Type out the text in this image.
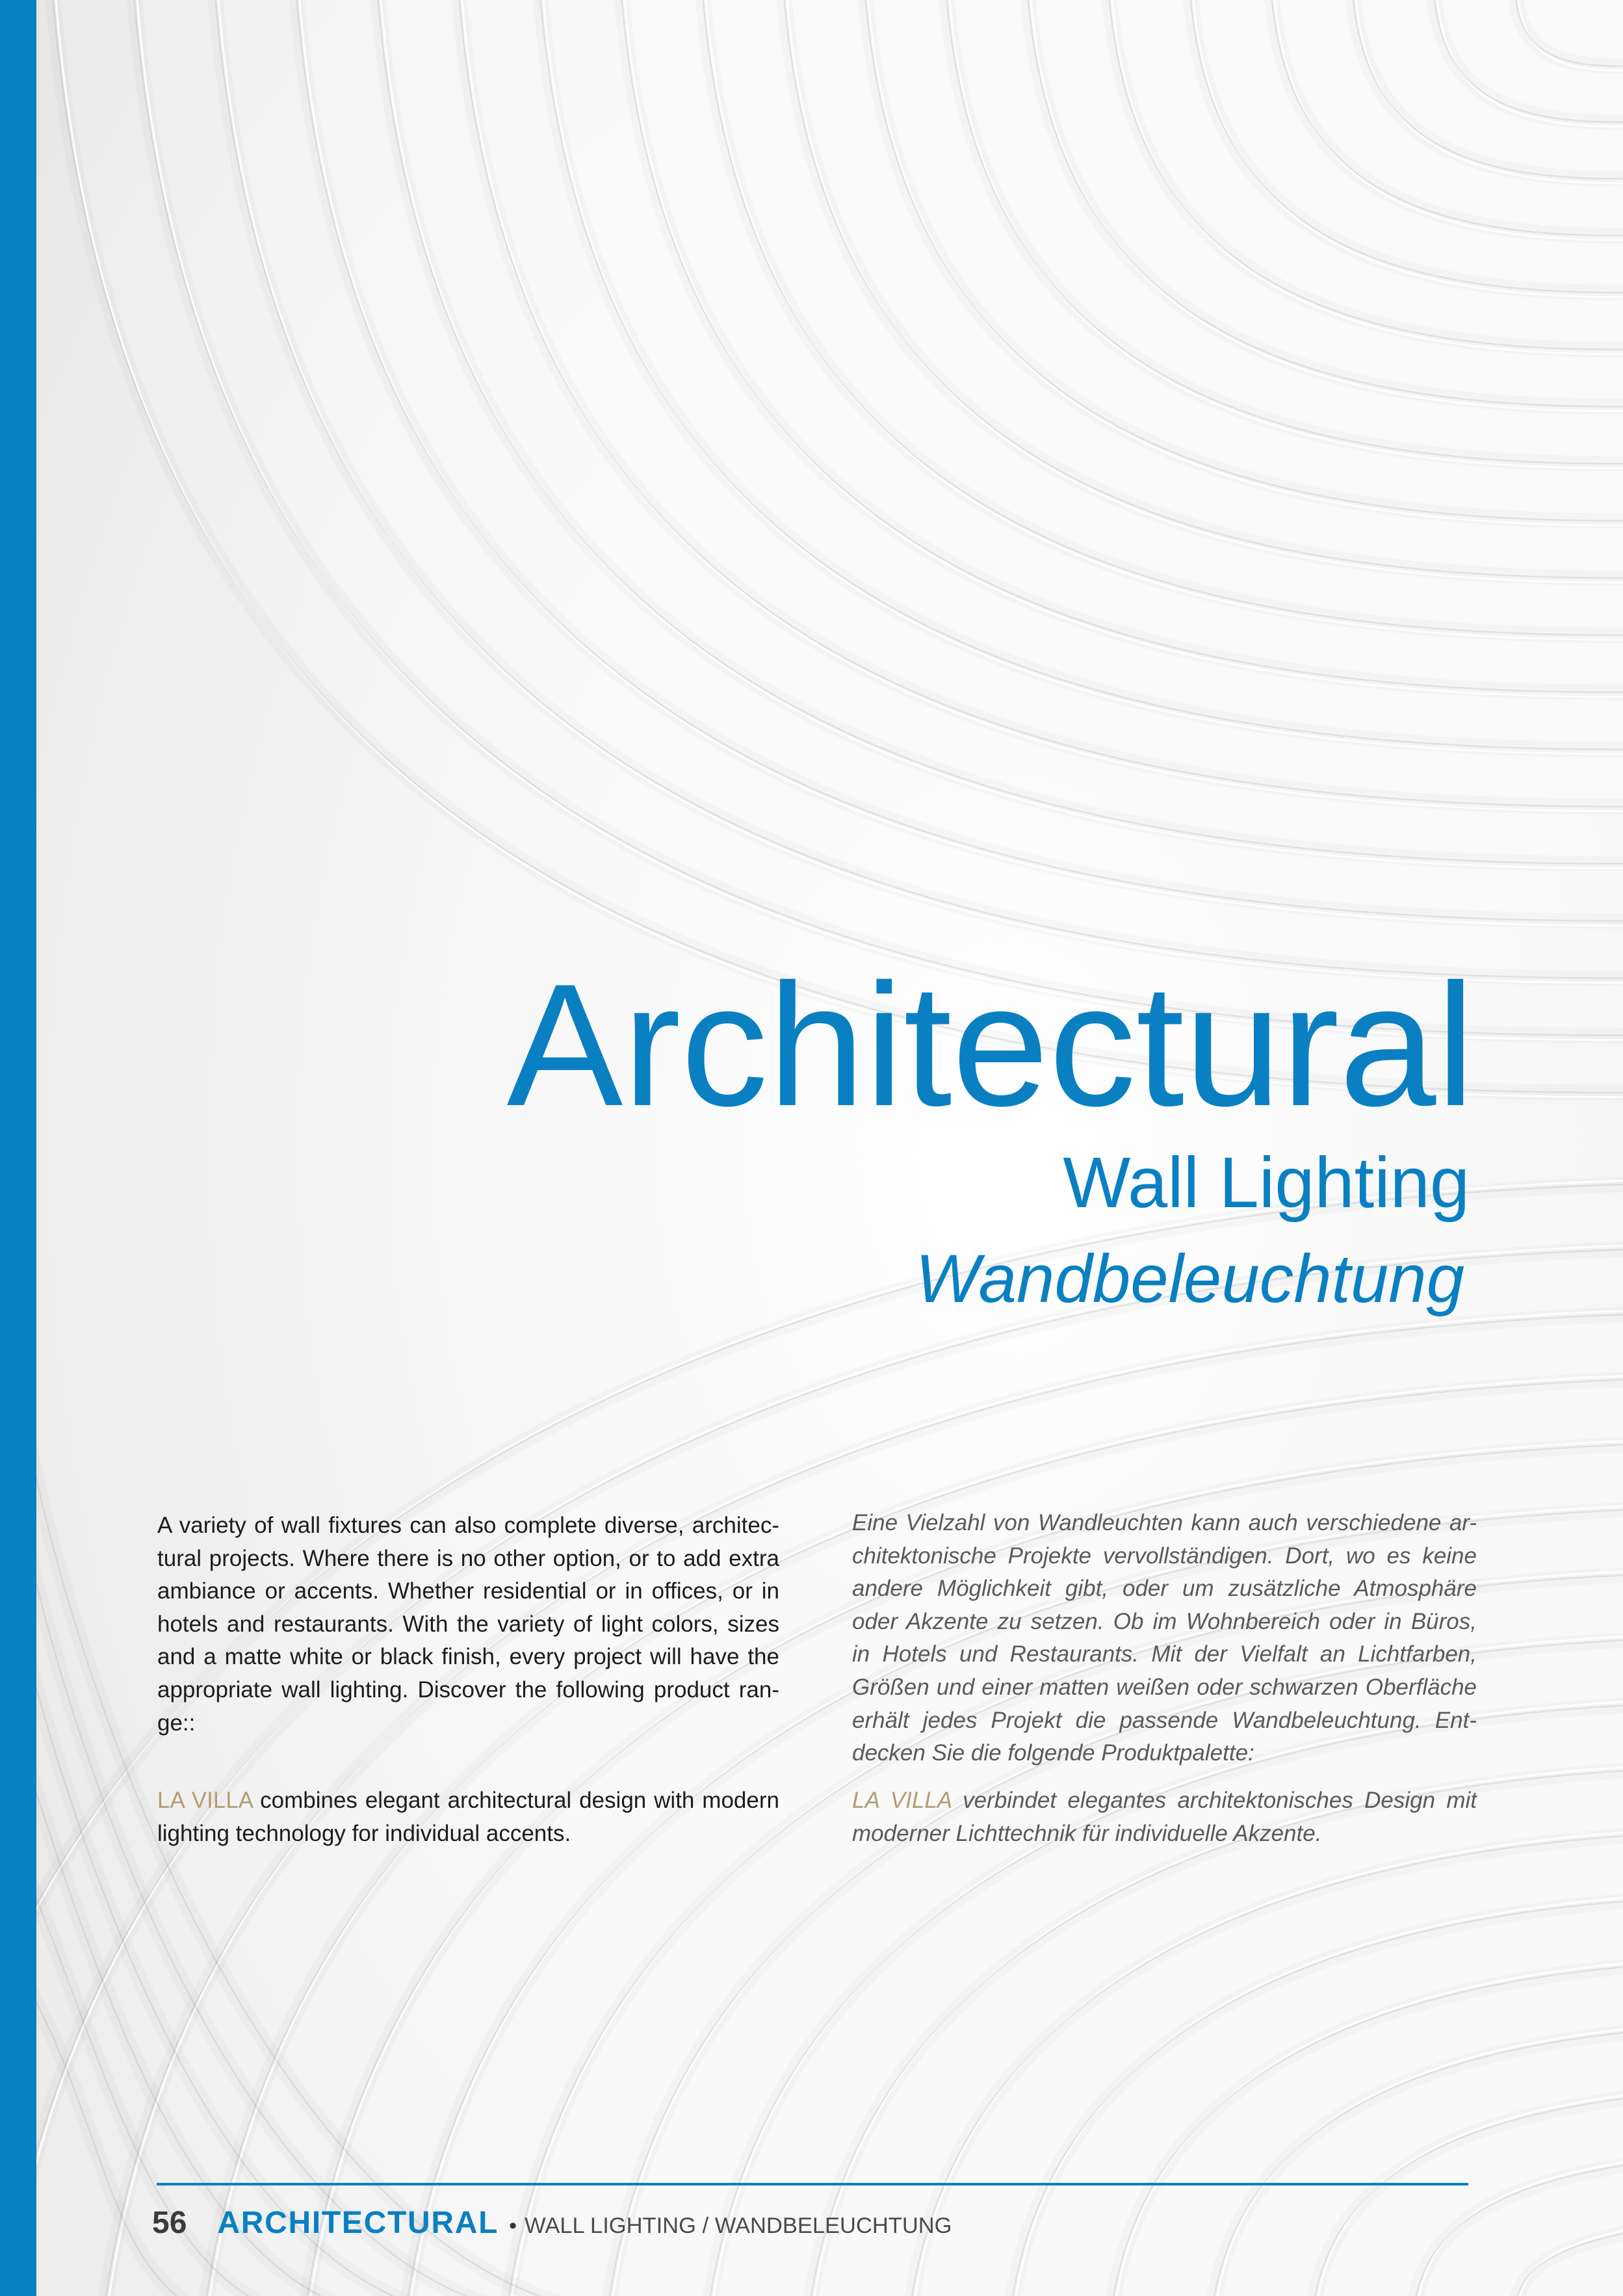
Architectural
Wall Lighting
Wandbeleuchtung
A variety of wall fixtures can also complete diverse, architec-
tural projects. Where there is no other option, or to add extra
ambiance or accents. Whether residential or in offices, or in
hotels and restaurants. With the variety of light colors, sizes
and a matte white or black finish, every project will have the
appropriate wall lighting. Discover the following product ran-
ge::
LA VILLA combines elegant architectural design with modern
lighting technology for individual accents.
Eine Vielzahl von Wandleuchten kann auch verschiedene ar-
chitektonische Projekte vervollständigen. Dort, wo es keine
andere Möglichkeit gibt, oder um zusätzliche Atmosphäre
oder Akzente zu setzen. Ob im Wohnbereich oder in Büros,
in Hotels und Restaurants. Mit der Vielfalt an Lichtfarben,
Größen und einer matten weißen oder schwarzen Oberfläche
erhält jedes Projekt die passende Wandbeleuchtung. Ent-
decken Sie die folgende Produktpalette:
LA VILLA verbindet elegantes architektonisches Design mit
moderner Lichttechnik für individuelle Akzente.
56 ARCHITECTURAL • WALL LIGHTING / WANDBELEUCHTUNG
